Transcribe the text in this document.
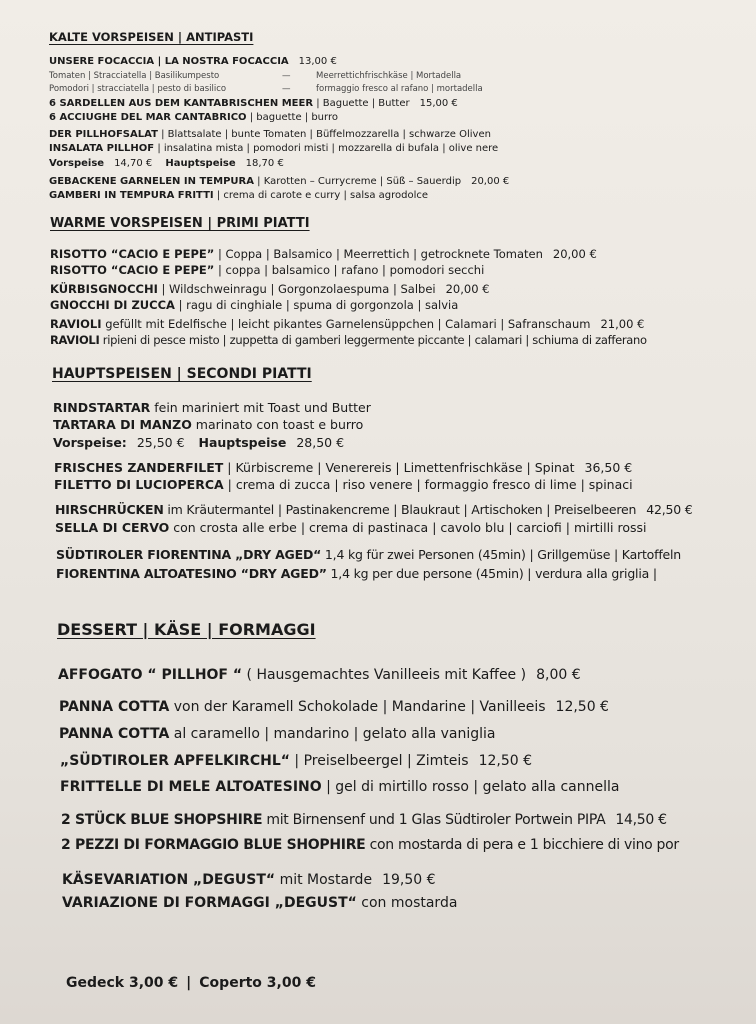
KALTE VORSPEISEN | ANTIPASTI
UNSERE FOCACCIA | LA NOSTRA FOCACCIA 13,00 €
Tomaten | Stracciatella | Basilikumpesto	—	Meerrettichfrischkäse | Mortadella
Pomodori | stracciatella | pesto di basilico	—	formaggio fresco al rafano | mortadella
6 SARDELLEN AUS DEM KANTABRISCHEN MEER | Baguette | Butter 15,00 €
6 ACCIUGHE DEL MAR CANTABRICO | baguette | burro
DER PILLHOFSALAT | Blattsalate | bunte Tomaten | Büffelmozzarella | schwarze Oliven
INSALATA PILLHOF | insalatina mista | pomodori misti | mozzarella di bufala | olive nere
Vorspeise 14,70 € Hauptspeise 18,70 €
GEBACKENE GARNELEN IN TEMPURA | Karotten – Currycreme | Süß – Sauerdip 20,00 €
GAMBERI IN TEMPURA FRITTI | crema di carote e curry | salsa agrodolce
WARME VORSPEISEN | PRIMI PIATTI
RISOTTO “CACIO E PEPE” | Coppa | Balsamico | Meerrettich | getrocknete Tomaten 20,00 €
RISOTTO “CACIO E PEPE” | coppa | balsamico | rafano | pomodori secchi
KÜRBISGNOCCHI | Wildschweinragu | Gorgonzolaespuma | Salbei 20,00 €
GNOCCHI DI ZUCCA | ragu di cinghiale | spuma di gorgonzola | salvia
RAVIOLI gefüllt mit Edelfische | leicht pikantes Garnelensüppchen | Calamari | Safranschaum 21,00 €
RAVIOLI ripieni di pesce misto | zuppetta di gamberi leggermente piccante | calamari | schiuma di zafferano
HAUPTSPEISEN | SECONDI PIATTI
RINDSTARTAR fein mariniert mit Toast und Butter
TARTARA DI MANZO marinato con toast e burro
Vorspeise: 25,50 € Hauptspeise 28,50 €
FRISCHES ZANDERFILET | Kürbiscreme | Venerereis | Limettenfrischkäse | Spinat 36,50 €
FILETTO DI LUCIOPERCA | crema di zucca | riso venere | formaggio fresco di lime | spinaci
HIRSCHRÜCKEN im Kräutermantel | Pastinakencreme | Blaukraut | Artischoken | Preiselbeeren 42,50 €
SELLA DI CERVO con crosta alle erbe | crema di pastinaca | cavolo blu | carciofi | mirtilli rossi
SÜDTIROLER FIORENTINA „DRY AGED“ 1,4 kg für zwei Personen (45min) | Grillgemüse | Kartoffeln
FIORENTINA ALTOATESINO “DRY AGED” 1,4 kg per due persone (45min) | verdura alla griglia |
DESSERT | KÄSE | FORMAGGI
AFFOGATO “ PILLHOF “ ( Hausgemachtes Vanilleeis mit Kaffee ) 8,00 €
PANNA COTTA von der Karamell Schokolade | Mandarine | Vanilleeis 12,50 €
PANNA COTTA al caramello | mandarino | gelato alla vaniglia
„SÜDTIROLER APFELKIRCHL“ | Preiselbeergel | Zimteis 12,50 €
FRITTELLE DI MELE ALTOATESINO | gel di mirtillo rosso | gelato alla cannella
2 STÜCK BLUE SHOPSHIRE mit Birnensenf und 1 Glas Südtiroler Portwein PIPA 14,50 €
2 PEZZI DI FORMAGGIO BLUE SHOPHIRE con mostarda di pera e 1 bicchiere di vino por
KÄSEVARIATION „DEGUST“ mit Mostarde 19,50 €
VARIAZIONE DI FORMAGGI „DEGUST“ con mostarda
Gedeck 3,00 € | Coperto 3,00 €
